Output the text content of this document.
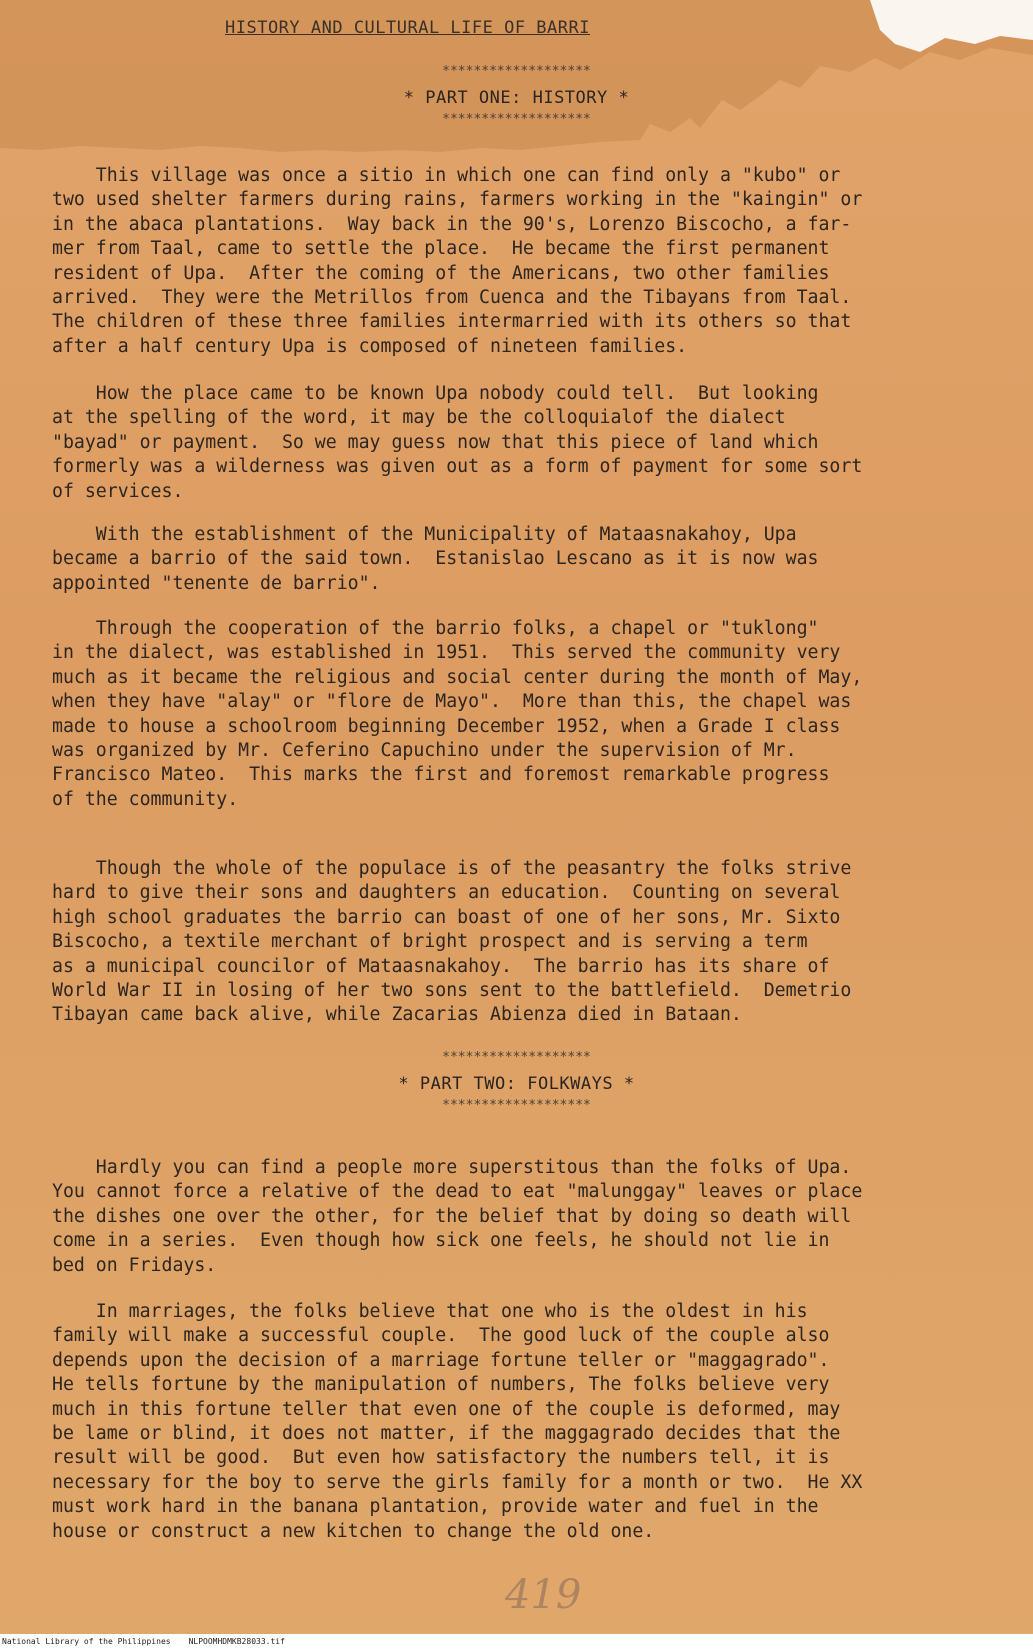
HISTORY AND CULTURAL LIFE OF BARRI
*******************
* PART ONE: HISTORY *
*******************

This village was once a sitio in which one can find only a "kubo" or
two used shelter farmers during rains, farmers working in the "kaingin" or
in the abaca plantations.  Way back in the 90's, Lorenzo Biscocho, a far-
mer from Taal, came to settle the place.  He became the first permanent
resident of Upa.  After the coming of the Americans, two other families
arrived.  They were the Metrillos from Cuenca and the Tibayans from Taal.
The children of these three families intermarried with its others so that
after a half century Upa is composed of nineteen families.

How the place came to be known Upa nobody could tell.  But looking
at the spelling of the word, it may be the colloquialof the dialect
"bayad" or payment.  So we may guess now that this piece of land which
formerly was a wilderness was given out as a form of payment for some sort
of services.

With the establishment of the Municipality of Mataasnakahoy, Upa
became a barrio of the said town.  Estanislao Lescano as it is now was
appointed "tenente de barrio".

Through the cooperation of the barrio folks, a chapel or "tuklong"
in the dialect, was established in 1951.  This served the community very
much as it became the religious and social center during the month of May,
when they have "alay" or "flore de Mayo".  More than this, the chapel was
made to house a schoolroom beginning December 1952, when a Grade I class
was organized by Mr. Ceferino Capuchino under the supervision of Mr.
Francisco Mateo.  This marks the first and foremost remarkable progress
of the community.

Though the whole of the populace is of the peasantry the folks strive
hard to give their sons and daughters an education.  Counting on several
high school graduates the barrio can boast of one of her sons, Mr. Sixto
Biscocho, a textile merchant of bright prospect and is serving a term
as a municipal councilor of Mataasnakahoy.  The barrio has its share of
World War II in losing of her two sons sent to the battlefield.  Demetrio
Tibayan came back alive, while Zacarias Abienza died in Bataan.

*******************
* PART TWO: FOLKWAYS *
*******************

Hardly you can find a people more superstitous than the folks of Upa.
You cannot force a relative of the dead to eat "malunggay" leaves or place
the dishes one over the other, for the belief that by doing so death will
come in a series.  Even though how sick one feels, he should not lie in
bed on Fridays.

In marriages, the folks believe that one who is the oldest in his
family will make a successful couple.  The good luck of the couple also
depends upon the decision of a marriage fortune teller or "maggagrado".
He tells fortune by the manipulation of numbers, The folks believe very
much in this fortune teller that even one of the couple is deformed, may
be lame or blind, it does not matter, if the maggagrado decides that the
result will be good.  But even how satisfactory the numbers tell, it is
necessary for the boy to serve the girls family for a month or two.  He XX
must work hard in the banana plantation, provide water and fuel in the
house or construct a new kitchen to change the old one.

419
National Library of the Philippines NLPOOMHDMKB28033.tif
